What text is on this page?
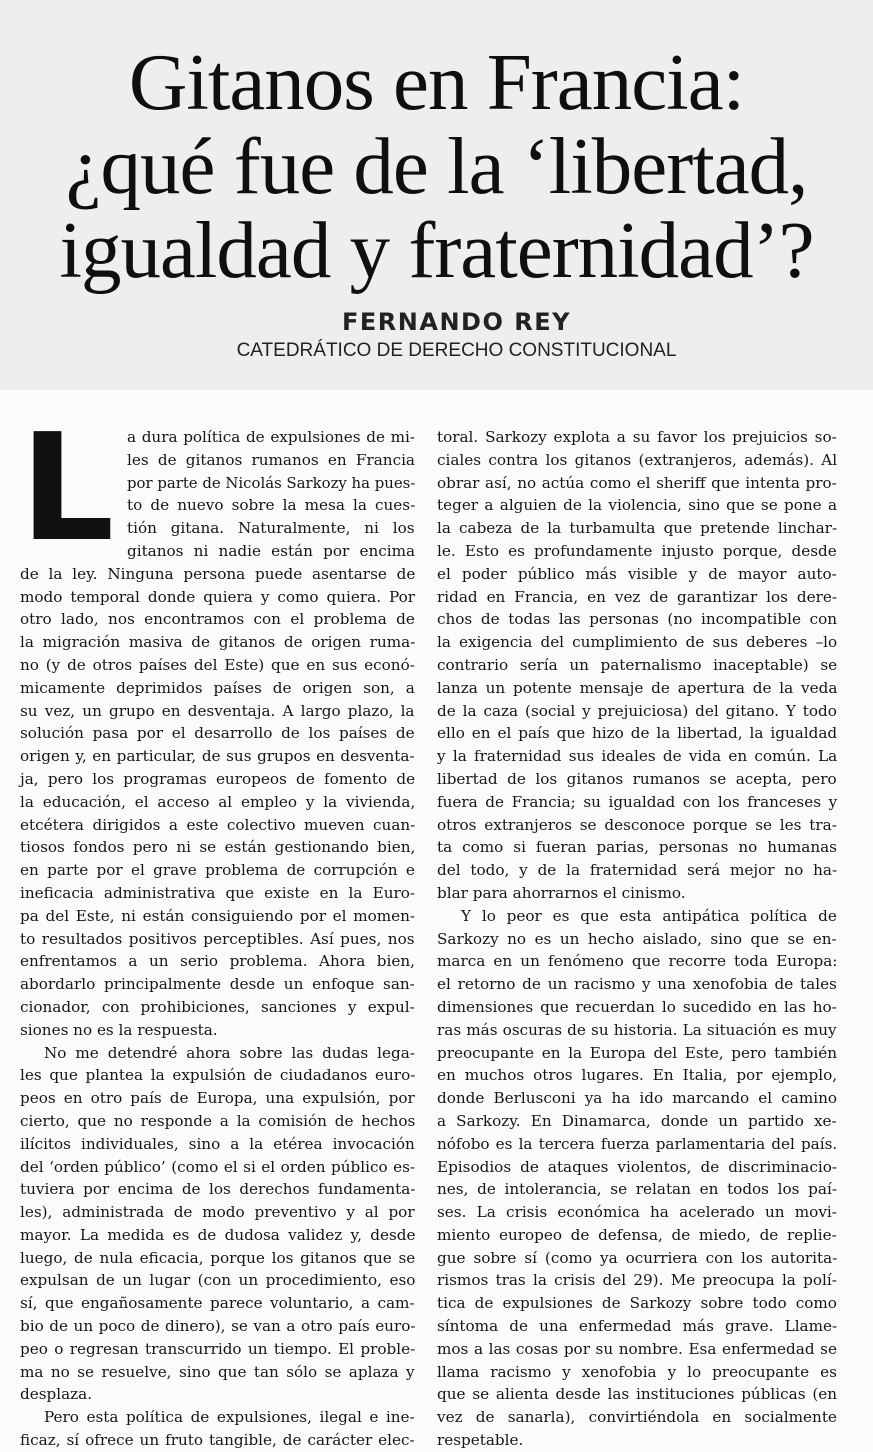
Gitanos en Francia:
¿qué fue de la ‘libertad,
igualdad y fraternidad’?
FERNANDO REY
CATEDRÁTICO DE DERECHO CONSTITUCIONAL
L a dura política de expulsiones de mi-
les de gitanos rumanos en Francia
por parte de Nicolás Sarkozy ha pues-
to de nuevo sobre la mesa la cues-
tión gitana. Naturalmente, ni los
gitanos ni nadie están por encima
de la ley. Ninguna persona puede asentarse de
modo temporal donde quiera y como quiera. Por
otro lado, nos encontramos con el problema de
la migración masiva de gitanos de origen ruma-
no (y de otros países del Este) que en sus econó-
micamente deprimidos países de origen son, a
su vez, un grupo en desventaja. A largo plazo, la
solución pasa por el desarrollo de los países de
origen y, en particular, de sus grupos en desventa-
ja, pero los programas europeos de fomento de
la educación, el acceso al empleo y la vivienda,
etcétera dirigidos a este colectivo mueven cuan-
tiosos fondos pero ni se están gestionando bien,
en parte por el grave problema de corrupción e
ineficacia administrativa que existe en la Euro-
pa del Este, ni están consiguiendo por el momen-
to resultados positivos perceptibles. Así pues, nos
enfrentamos a un serio problema. Ahora bien,
abordarlo principalmente desde un enfoque san-
cionador, con prohibiciones, sanciones y expul-
siones no es la respuesta.
No me detendré ahora sobre las dudas lega-
les que plantea la expulsión de ciudadanos euro-
peos en otro país de Europa, una expulsión, por
cierto, que no responde a la comisión de hechos
ilícitos individuales, sino a la etérea invocación
del ‘orden público’ (como el si el orden público es-
tuviera por encima de los derechos fundamenta-
les), administrada de modo preventivo y al por
mayor. La medida es de dudosa validez y, desde
luego, de nula eficacia, porque los gitanos que se
expulsan de un lugar (con un procedimiento, eso
sí, que engañosamente parece voluntario, a cam-
bio de un poco de dinero), se van a otro país euro-
peo o regresan transcurrido un tiempo. El proble-
ma no se resuelve, sino que tan sólo se aplaza y
desplaza.
Pero esta política de expulsiones, ilegal e ine-
ficaz, sí ofrece un fruto tangible, de carácter elec-
toral. Sarkozy explota a su favor los prejuicios so-
ciales contra los gitanos (extranjeros, además). Al
obrar así, no actúa como el sheriff que intenta pro-
teger a alguien de la violencia, sino que se pone a
la cabeza de la turbamulta que pretende linchar-
le. Esto es profundamente injusto porque, desde
el poder público más visible y de mayor auto-
ridad en Francia, en vez de garantizar los dere-
chos de todas las personas (no incompatible con
la exigencia del cumplimiento de sus deberes –lo
contrario sería un paternalismo inaceptable) se
lanza un potente mensaje de apertura de la veda
de la caza (social y prejuiciosa) del gitano. Y todo
ello en el país que hizo de la libertad, la igualdad
y la fraternidad sus ideales de vida en común. La
libertad de los gitanos rumanos se acepta, pero
fuera de Francia; su igualdad con los franceses y
otros extranjeros se desconoce porque se les tra-
ta como si fueran parias, personas no humanas
del todo, y de la fraternidad será mejor no ha-
blar para ahorrarnos el cinismo.
Y lo peor es que esta antipática política de
Sarkozy no es un hecho aislado, sino que se en-
marca en un fenómeno que recorre toda Europa:
el retorno de un racismo y una xenofobia de tales
dimensiones que recuerdan lo sucedido en las ho-
ras más oscuras de su historia. La situación es muy
preocupante en la Europa del Este, pero también
en muchos otros lugares. En Italia, por ejemplo,
donde Berlusconi ya ha ido marcando el camino
a Sarkozy. En Dinamarca, donde un partido xe-
nófobo es la tercera fuerza parlamentaria del país.
Episodios de ataques violentos, de discriminacio-
nes, de intolerancia, se relatan en todos los paí-
ses. La crisis económica ha acelerado un movi-
miento europeo de defensa, de miedo, de replie-
gue sobre sí (como ya ocurriera con los autorita-
rismos tras la crisis del 29). Me preocupa la polí-
tica de expulsiones de Sarkozy sobre todo como
síntoma de una enfermedad más grave. Llame-
mos a las cosas por su nombre. Esa enfermedad se
llama racismo y xenofobia y lo preocupante es
que se alienta desde las instituciones públicas (en
vez de sanarla), convirtiéndola en socialmente
respetable.
